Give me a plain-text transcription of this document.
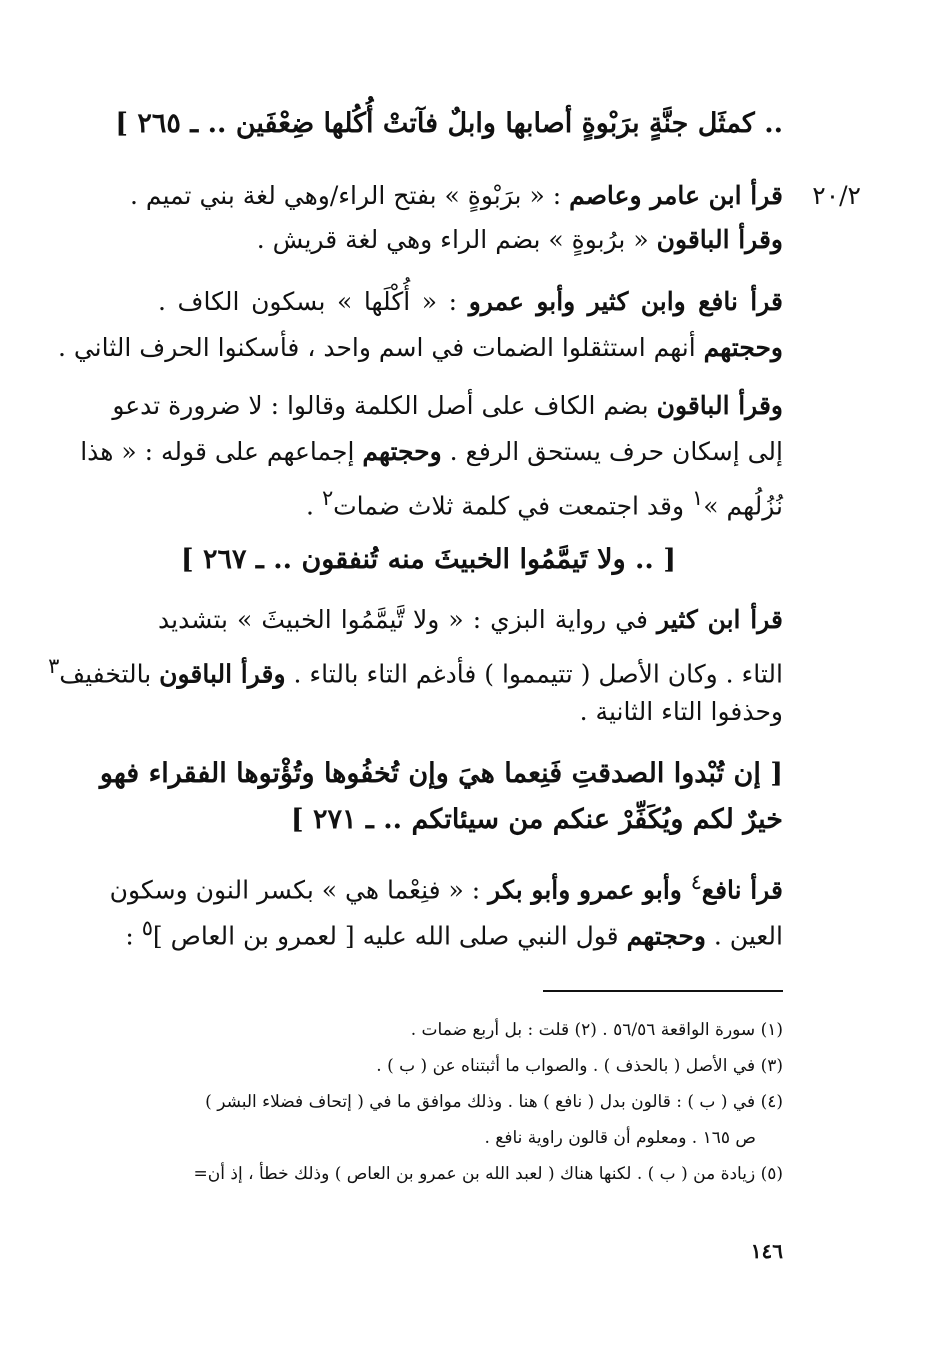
.. كمثَل جنَّةٍ برَبْوةٍ أصابها وابلٌ فآتتْ أُكُلها ضِعْفَين .. ـ ٢٦٥ ]
٢٠/٢
قرأ ابن عامر وعاصم : « برَبْوةٍ » بفتح الراء/وهي لغة بني تميم .
وقرأ الباقون « برُبوةٍ » بضم الراء وهي لغة قريش .
قرأ نافع وابن كثير وأبو عمرو : « أُكْلَها » بسكون الكاف .
وحجتهم أنهم استثقلوا الضمات في اسم واحد ، فأسكنوا الحرف الثاني .
وقرأ الباقون بضم الكاف على أصل الكلمة وقالوا : لا ضرورة تدعو
إلى إسكان حرف يستحق الرفع . وحجتهم إجماعهم على قوله : « هذا
نُزُلُهم »$^١$ وقد اجتمعت في كلمة ثلاث ضمات$^٢$ .
[ .. ولا تَيمَّمُوا الخبيثَ منه تُنفقون .. ـ ٢٦٧ ]
قرأ ابن كثير في رواية البزي : « ولا تَّيمَّمُوا الخبيثَ » بتشديد
التاء . وكان الأصل ( تتيمموا ) فأدغم التاء بالتاء . وقرأ الباقون بالتخفيف$^٣$
وحذفوا التاء الثانية .
[ إن تُبْدوا الصدقتِ فَنِعما هيَ وإن تُخفُوها وتُؤْتوها الفقراء فهو
خيرٌ لكم ويُكَفِّرْ عنكم من سيئاتكم .. ـ ٢٧١ ]
قرأ نافع$^٤$ وأبو عمرو وأبو بكر : « فنِعْما هي » بكسر النون وسكون
العين . وحجتهم قول النبي صلى الله عليه [ لعمرو بن العاص ]$^٥$ :
(١) سورة الواقعة ٥٦/٥٦ . (٢) قلت : بل أربع ضمات .
(٣) في الأصل ( بالحذف ) . والصواب ما أثبتناه عن ( ب ) .
(٤) في ( ب ) : قالون بدل ( نافع ) هنا . وذلك موافق ما في ( إتحاف فضلاء البشر )
ص ١٦٥ . ومعلوم أن قالون راوية نافع .
(٥) زيادة من ( ب ) . لكنها هناك ( لعبد الله بن عمرو بن العاص ) وذلك خطأ ، إذ أن=
١٤٦
